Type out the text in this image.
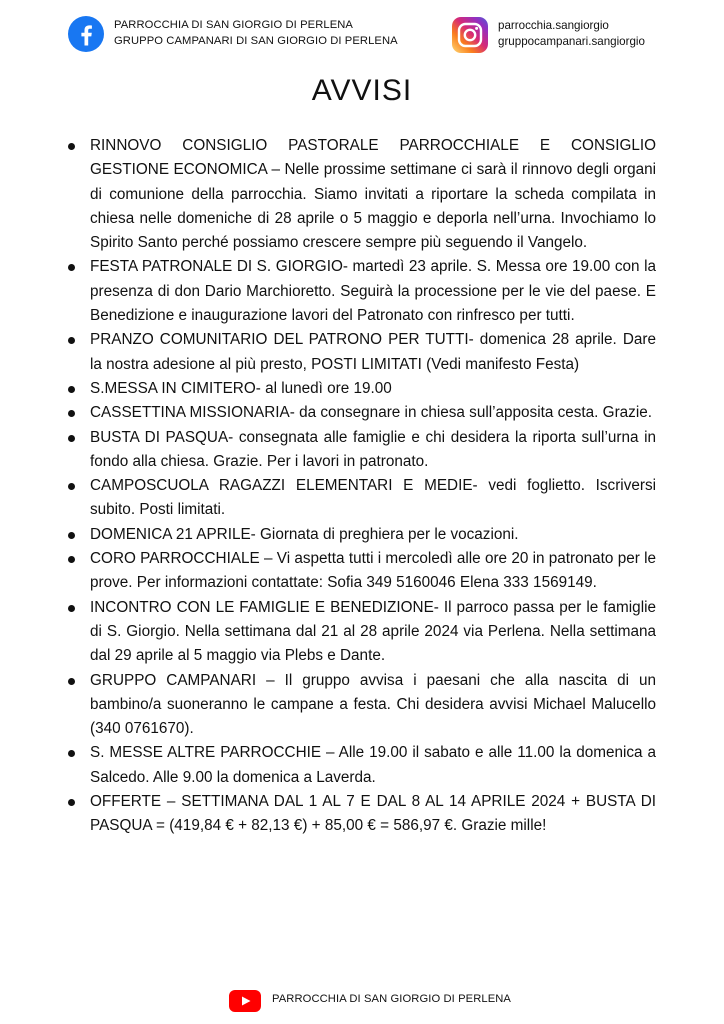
PARROCCHIA DI SAN GIORGIO DI PERLENA
GRUPPO CAMPANARI DI SAN GIORGIO DI PERLENA
parrocchia.sangiorgio
gruppocampanari.sangiorgio
AVVISI
RINNOVO CONSIGLIO PASTORALE PARROCCHIALE E CONSIGLIO GESTIONE ECONOMICA – Nelle prossime settimane ci sarà il rinnovo degli organi di comunione della parrocchia. Siamo invitati a riportare la scheda compilata in chiesa nelle domeniche di 28 aprile o 5 maggio e deporla nell’urna. Invochiamo lo Spirito Santo perché possiamo crescere sempre più seguendo il Vangelo.
FESTA PATRONALE DI S. GIORGIO- martedì 23 aprile. S. Messa ore 19.00 con la presenza di don Dario Marchioretto. Seguirà la processione per le vie del paese. E Benedizione e inaugurazione lavori del Patronato con rinfresco per tutti.
PRANZO COMUNITARIO DEL PATRONO PER TUTTI- domenica 28 aprile. Dare la nostra adesione al più presto, POSTI LIMITATI (Vedi manifesto Festa)
S.MESSA IN CIMITERO- al lunedì ore 19.00
CASSETTINA MISSIONARIA- da consegnare in chiesa sull’apposita cesta. Grazie.
BUSTA DI PASQUA- consegnata alle famiglie e chi desidera la riporta sull’urna in fondo alla chiesa. Grazie. Per i lavori in patronato.
CAMPOSCUOLA RAGAZZI ELEMENTARI E MEDIE- vedi foglietto. Iscriversi subito. Posti limitati.
DOMENICA 21 APRILE- Giornata di preghiera per le vocazioni.
CORO PARROCCHIALE – Vi aspetta tutti i mercoledì alle ore 20 in patronato per le prove. Per informazioni contattate: Sofia 349 5160046 Elena 333 1569149.
INCONTRO CON LE FAMIGLIE E BENEDIZIONE- Il parroco passa per le famiglie di S. Giorgio. Nella settimana dal 21 al 28 aprile 2024 via Perlena. Nella settimana dal 29 aprile al 5 maggio via Plebs e Dante.
GRUPPO CAMPANARI – Il gruppo avvisa i paesani che alla nascita di un bambino/a suoneranno le campane a festa. Chi desidera avvisi Michael Malucello (340 0761670).
S. MESSE ALTRE PARROCCHIE – Alle 19.00 il sabato e alle 11.00 la domenica a Salcedo. Alle 9.00 la domenica a Laverda.
OFFERTE – SETTIMANA DAL 1 AL 7 E DAL 8 AL 14 APRILE 2024 + BUSTA DI PASQUA = (419,84 € + 82,13 €) + 85,00 € = 586,97 €. Grazie mille!
PARROCCHIA DI SAN GIORGIO DI PERLENA
